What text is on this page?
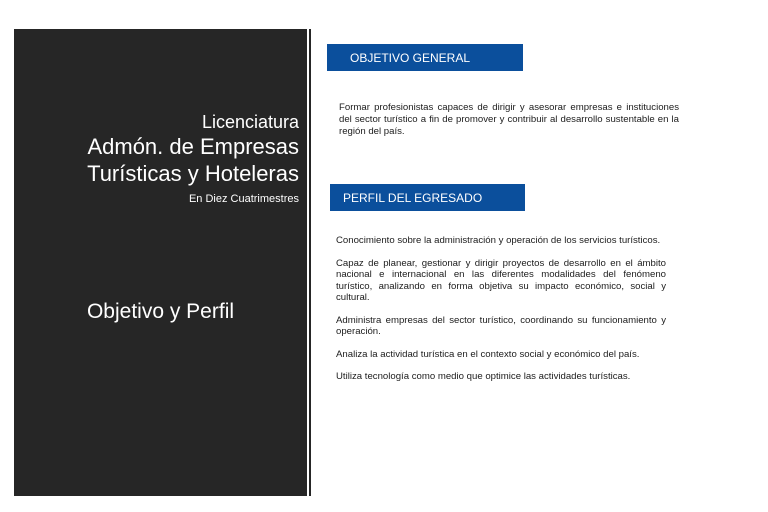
Licenciatura
Admón. de Empresas
Turísticas y Hoteleras
En Diez Cuatrimestres
Objetivo y Perfil
OBJETIVO GENERAL
Formar profesionistas capaces de dirigir y asesorar empresas e instituciones del sector turístico a fin de promover y contribuir al desarrollo sustentable en la región del país.
PERFIL DEL EGRESADO
Conocimiento sobre la administración y operación de los servicios turísticos.
Capaz de planear, gestionar y dirigir proyectos de desarrollo en el ámbito nacional e internacional en las diferentes modalidades del fenómeno turístico, analizando en forma objetiva su impacto económico, social y cultural.
Administra empresas del sector turístico, coordinando su funcionamiento y operación.
Analiza la actividad turística en el contexto social y económico del país.
Utiliza tecnología como medio que optimice las actividades turísticas.
